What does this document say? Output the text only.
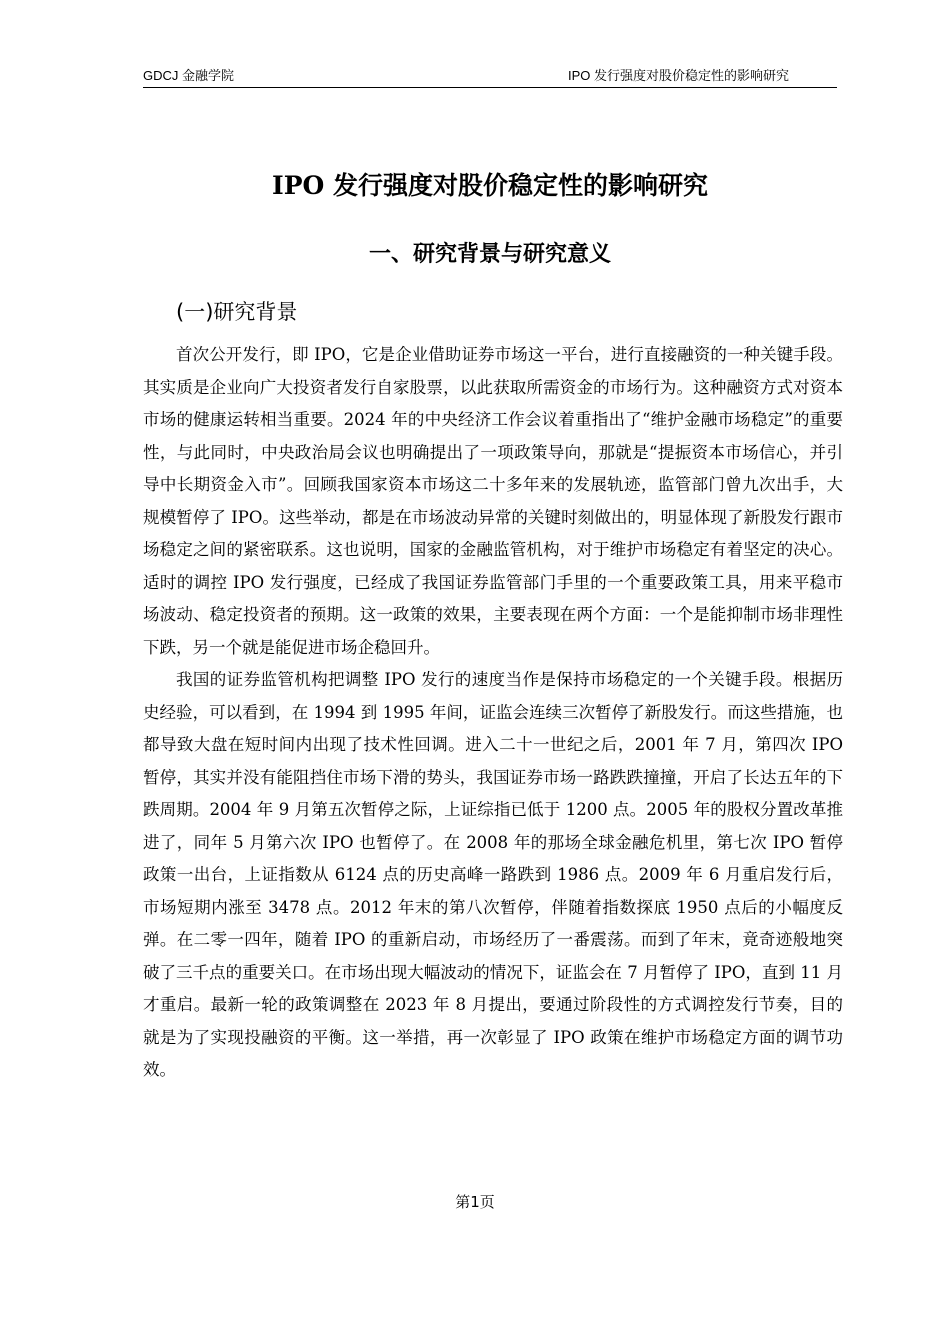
GDCJ 金融学院	IPO 发行强度对股价稳定性的影响研究
IPO 发行强度对股价稳定性的影响研究
一、研究背景与研究意义
(一)研究背景

首次公开发行，即 IPO，它是企业借助证券市场这一平台，进行直接融资的一种关键手段。其实质是企业向广大投资者发行自家股票，以此获取所需资金的市场行为。这种融资方式对资本市场的健康运转相当重要。2024 年的中央经济工作会议着重指出了“维护金融市场稳定”的重要性，与此同时，中央政治局会议也明确提出了一项政策导向，那就是“提振资本市场信心，并引导中长期资金入市”。回顾我国家资本市场这二十多年来的发展轨迹，监管部门曾九次出手，大规模暂停了 IPO。这些举动，都是在市场波动异常的关键时刻做出的，明显体现了新股发行跟市场稳定之间的紧密联系。这也说明，国家的金融监管机构，对于维护市场稳定有着坚定的决心。适时的调控 IPO 发行强度，已经成了我国证券监管部门手里的一个重要政策工具，用来平稳市场波动、稳定投资者的预期。这一政策的效果，主要表现在两个方面：一个是能抑制市场非理性下跌，另一个就是能促进市场企稳回升。

我国的证券监管机构把调整 IPO 发行的速度当作是保持市场稳定的一个关键手段。根据历史经验，可以看到，在 1994 到 1995 年间，证监会连续三次暂停了新股发行。而这些措施，也都导致大盘在短时间内出现了技术性回调。进入二十一世纪之后，2001 年 7 月，第四次 IPO 暂停，其实并没有能阻挡住市场下滑的势头，我国证券市场一路跌跌撞撞，开启了长达五年的下跌周期。2004 年 9 月第五次暂停之际，上证综指已低于 1200 点。2005 年的股权分置改革推进了，同年 5 月第六次 IPO 也暂停了。在 2008 年的那场全球金融危机里，第七次 IPO 暂停政策一出台，上证指数从 6124 点的历史高峰一路跌到 1986 点。2009 年 6 月重启发行后，市场短期内涨至 3478 点。2012 年末的第八次暂停，伴随着指数探底 1950 点后的小幅度反弹。在二零一四年，随着 IPO 的重新启动，市场经历了一番震荡。而到了年末，竟奇迹般地突破了三千点的重要关口。在市场出现大幅波动的情况下，证监会在 7 月暂停了 IPO，直到 11 月才重启。最新一轮的政策调整在 2023 年 8 月提出，要通过阶段性的方式调控发行节奏，目的就是为了实现投融资的平衡。这一举措，再一次彰显了 IPO 政策在维护市场稳定方面的调节功效。

第1页
